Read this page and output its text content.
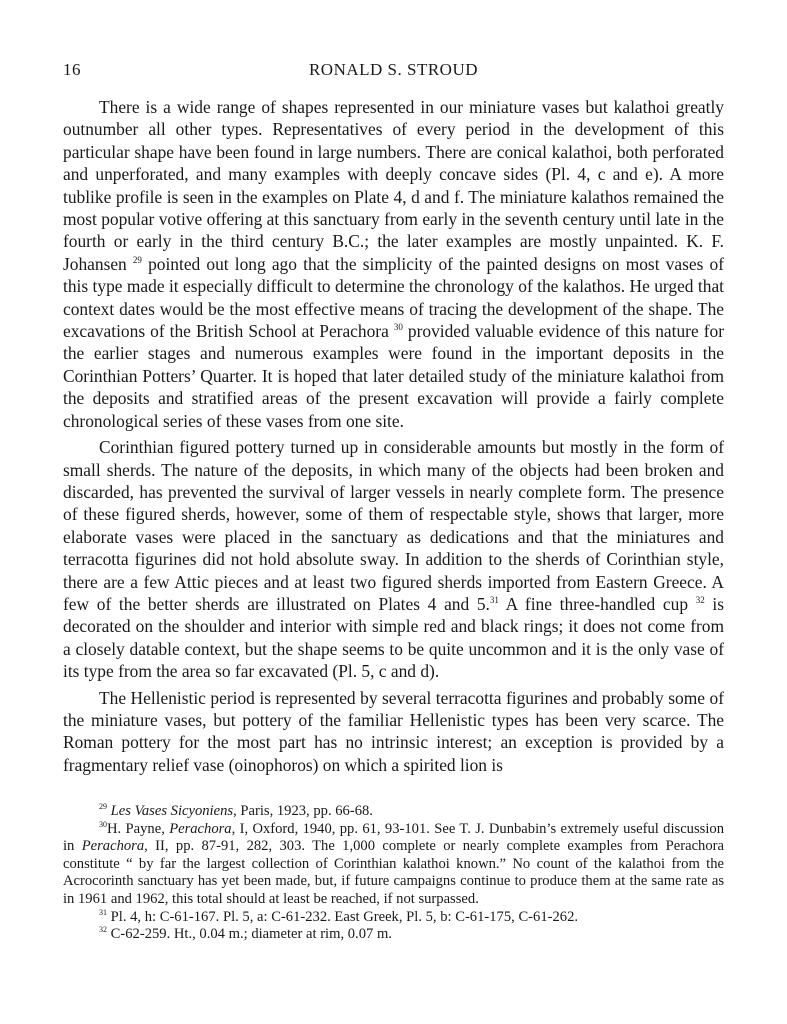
16	RONALD S. STROUD

There is a wide range of shapes represented in our miniature vases but kalathoi greatly outnumber all other types. Representatives of every period in the development of this particular shape have been found in large numbers. There are conical kalathoi, both perforated and unperforated, and many examples with deeply concave sides (Pl. 4, c and e). A more tublike profile is seen in the examples on Plate 4, d and f. The miniature kalathos remained the most popular votive offering at this sanctuary from early in the seventh century until late in the fourth or early in the third century B.C.; the later examples are mostly unpainted. K. F. Johansen $^{29}$ pointed out long ago that the simplicity of the painted designs on most vases of this type made it especially difficult to determine the chronology of the kalathos. He urged that context dates would be the most effective means of tracing the development of the shape. The excavations of the British School at Perachora $^{30}$ provided valuable evidence of this nature for the earlier stages and numerous examples were found in the important deposits in the Corinthian Potters’ Quarter. It is hoped that later detailed study of the miniature kalathoi from the deposits and stratified areas of the present excavation will provide a fairly complete chronological series of these vases from one site.

Corinthian figured pottery turned up in considerable amounts but mostly in the form of small sherds. The nature of the deposits, in which many of the objects had been broken and discarded, has prevented the survival of larger vessels in nearly complete form. The presence of these figured sherds, however, some of them of respectable style, shows that larger, more elaborate vases were placed in the sanctuary as dedications and that the miniatures and terracotta figurines did not hold absolute sway. In addition to the sherds of Corinthian style, there are a few Attic pieces and at least two figured sherds imported from Eastern Greece. A few of the better sherds are illustrated on Plates 4 and 5.31 A fine three-handled cup $^{32}$ is decorated on the shoulder and interior with simple red and black rings; it does not come from a closely datable context, but the shape seems to be quite uncommon and it is the only vase of its type from the area so far excavated (Pl. 5, c and d).

The Hellenistic period is represented by several terracotta figurines and probably some of the miniature vases, but pottery of the familiar Hellenistic types has been very scarce. The Roman pottery for the most part has no intrinsic interest; an exception is provided by a fragmentary relief vase (oinophoros) on which a spirited lion is

$^{29}$ Les Vases Sicyoniens, Paris, 1923, pp. 66-68.

$^{30}$H. Payne, Perachora, I, Oxford, 1940, pp. 61, 93-101. See T. J. Dunbabin’s extremely useful discussion in Perachora, II, pp. 87-91, 282, 303. The 1,000 complete or nearly complete examples from Perachora constitute “ by far the largest collection of Corinthian kalathoi known.” No count of the kalathoi from the Acrocorinth sanctuary has yet been made, but, if future campaigns continue to produce them at the same rate as in 1961 and 1962, this total should at least be reached, if not surpassed.

$^{31}$ Pl. 4, h: C-61-167. Pl. 5, a: C-61-232. East Greek, Pl. 5, b: C-61-175, C-61-262.

$^{32}$ C-62-259. Ht., 0.04 m.; diameter at rim, 0.07 m.
